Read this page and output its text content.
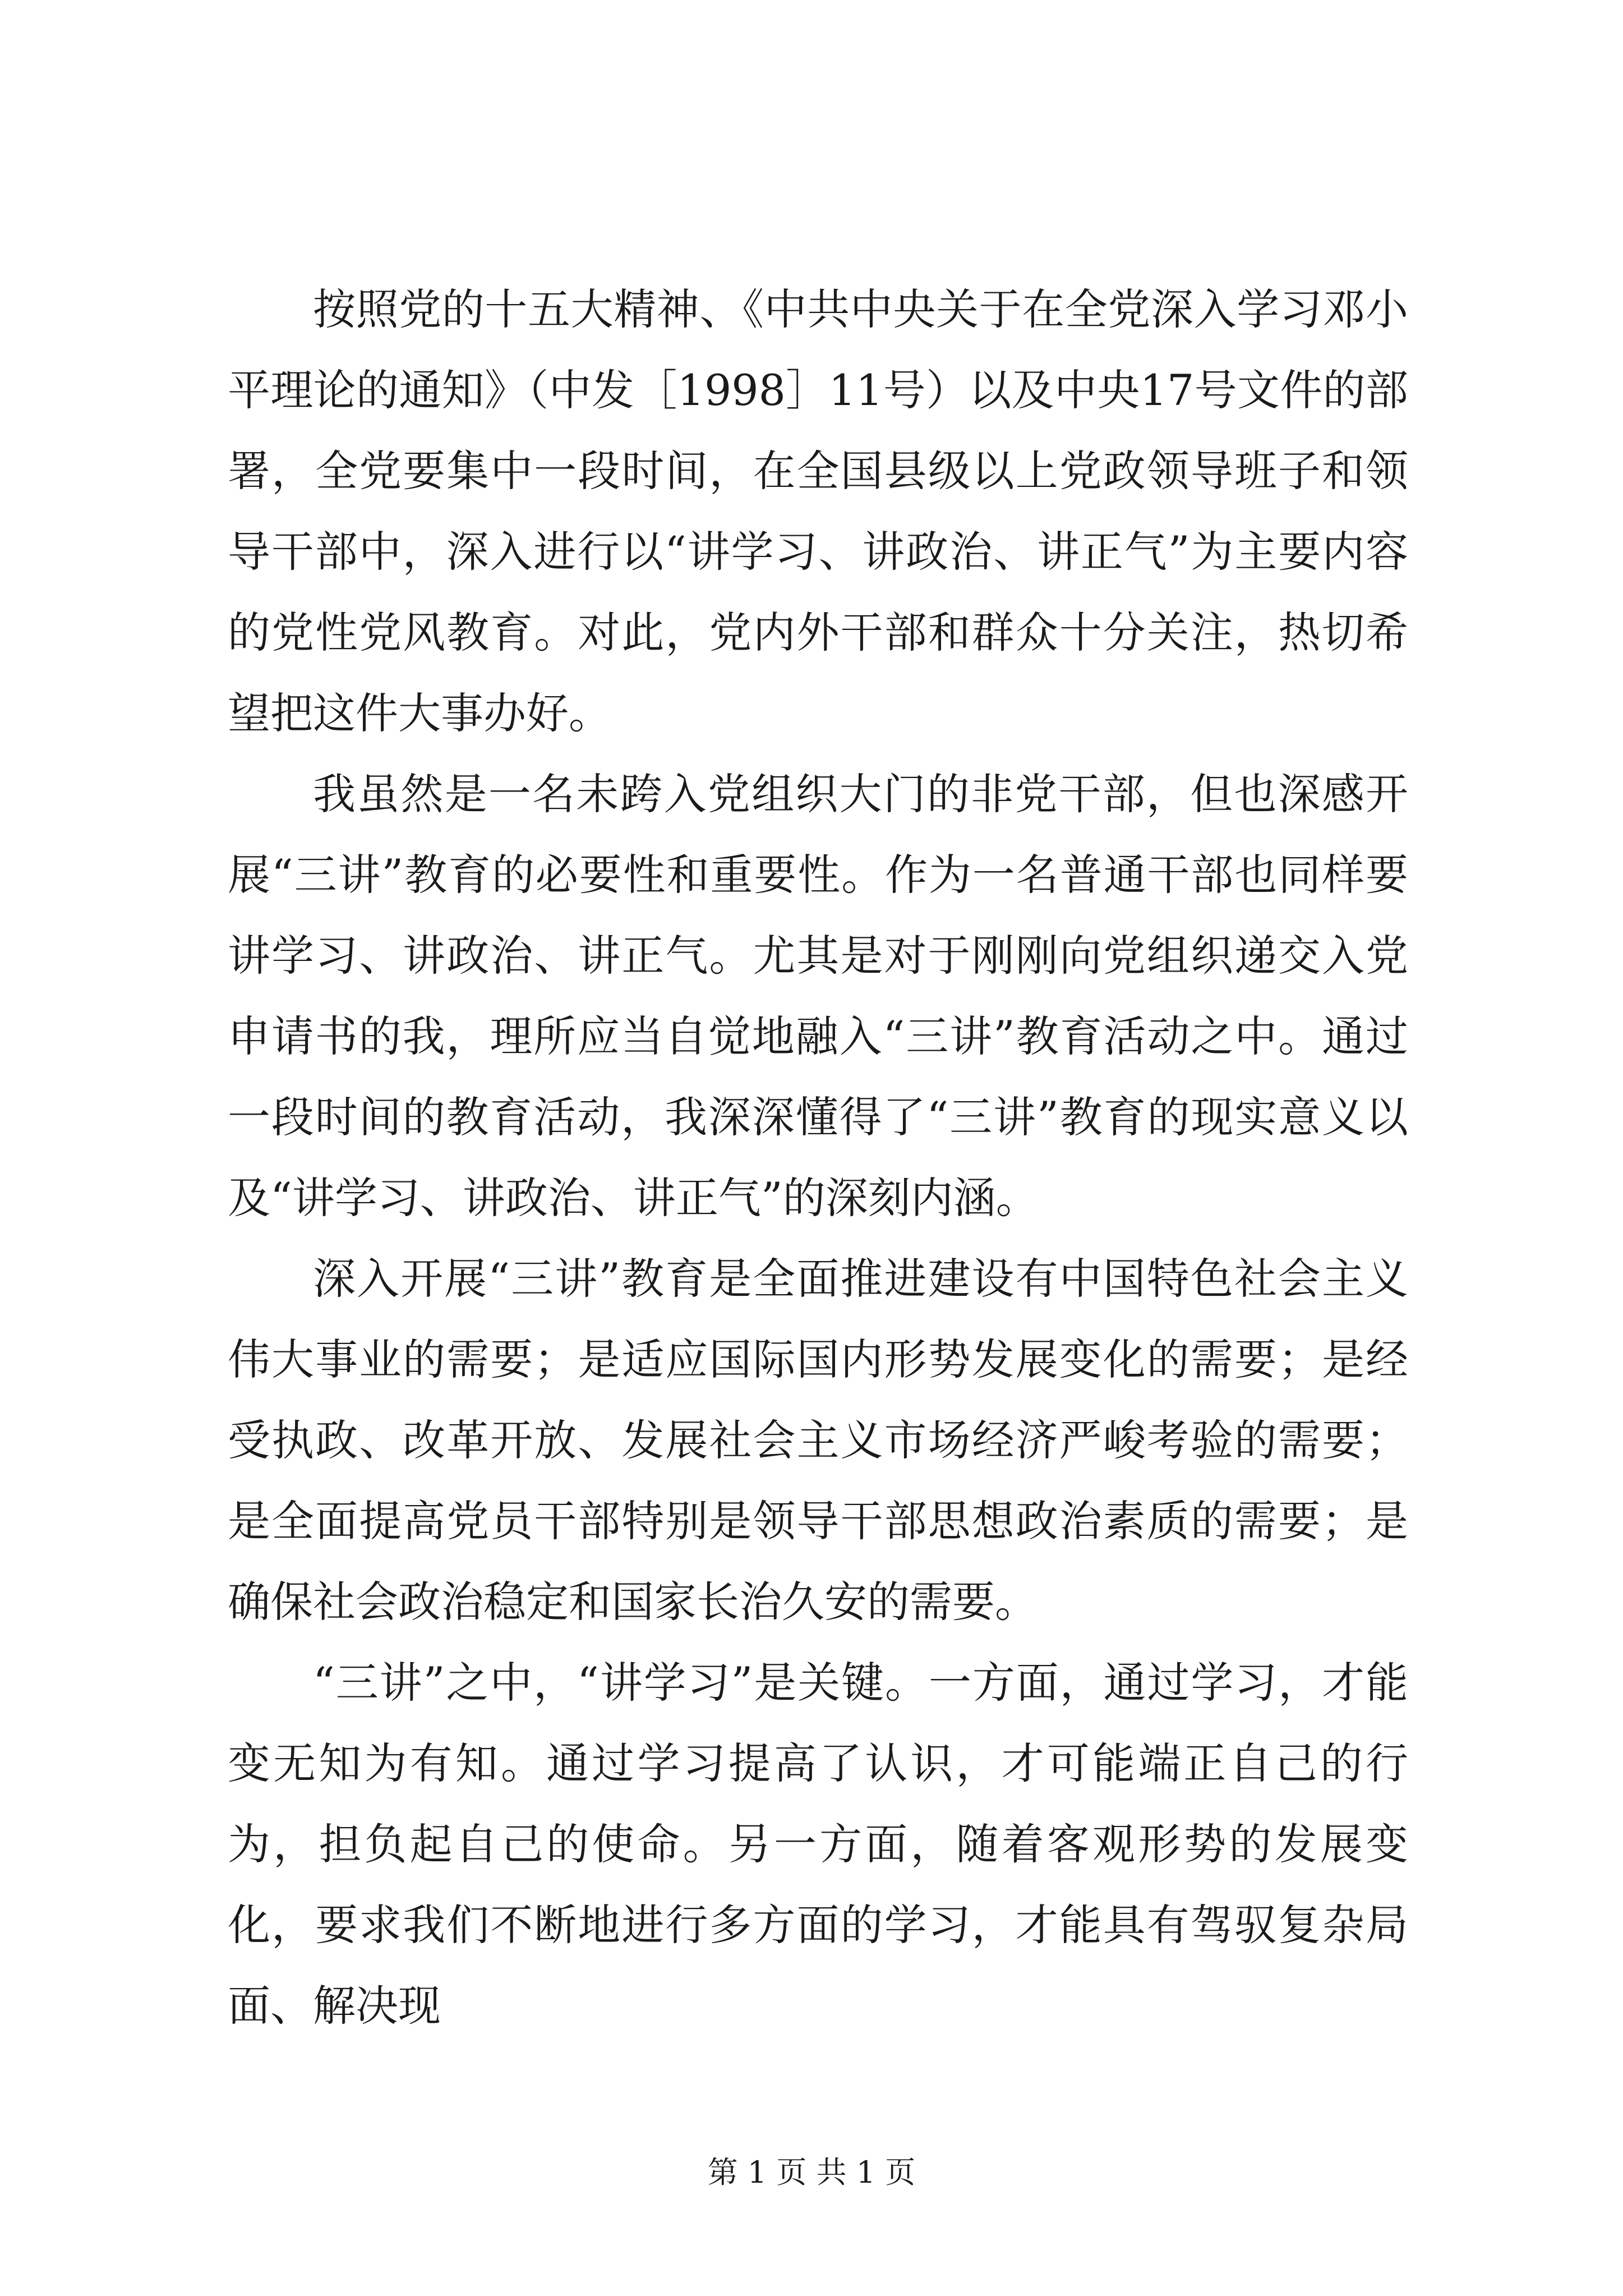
按照党的十五大精神、《中共中央关于在全党深入学习邓小平理论的通知》（中发［1998］11号）以及中央17号文件的部署，全党要集中一段时间，在全国县级以上党政领导班子和领导干部中，深入进行以“讲学习、讲政治、讲正气”为主要内容的党性党风教育。对此，党内外干部和群众十分关注，热切希望把这件大事办好。

我虽然是一名未跨入党组织大门的非党干部，但也深感开展“三讲”教育的必要性和重要性。作为一名普通干部也同样要讲学习、讲政治、讲正气。尤其是对于刚刚向党组织递交入党申请书的我，理所应当自觉地融入“三讲”教育活动之中。通过一段时间的教育活动，我深深懂得了“三讲”教育的现实意义以及“讲学习、讲政治、讲正气”的深刻内涵。

深入开展“三讲”教育是全面推进建设有中国特色社会主义伟大事业的需要；是适应国际国内形势发展变化的需要；是经受执政、改革开放、发展社会主义市场经济严峻考验的需要；是全面提高党员干部特别是领导干部思想政治素质的需要；是确保社会政治稳定和国家长治久安的需要。

“三讲”之中，“讲学习”是关键。一方面，通过学习，才能变无知为有知。通过学习提高了认识，才可能端正自己的行为，担负起自己的使命。另一方面，随着客观形势的发展变化，要求我们不断地进行多方面的学习，才能具有驾驭复杂局面、解决现

第 1 页 共 1 页
